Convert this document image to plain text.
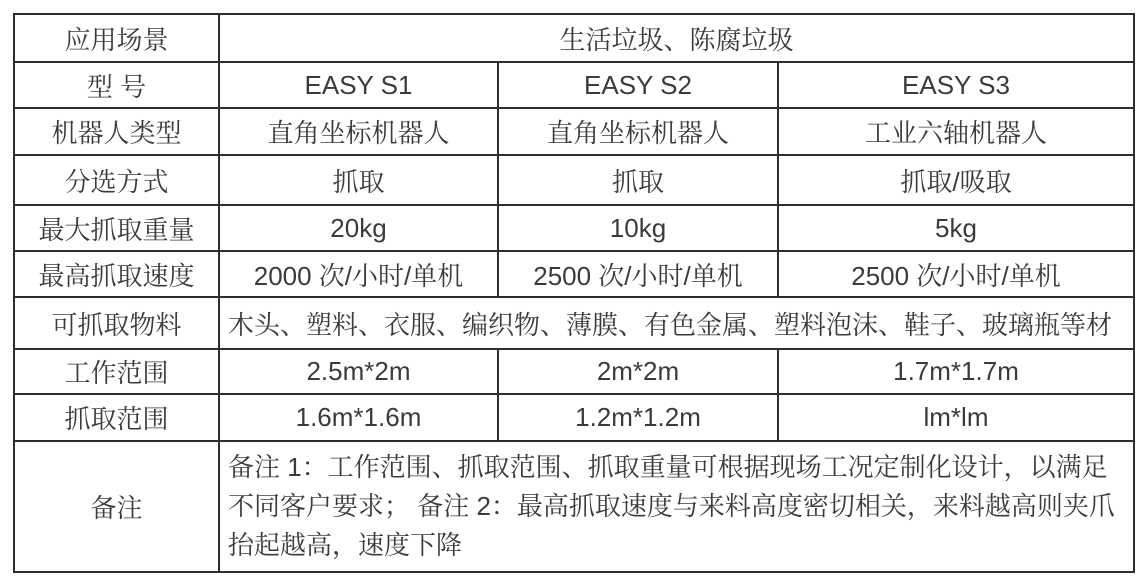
应用场景	生活垃圾、陈腐垃圾		
型 号	EASY S1	EASY S2	EASY S3
机器人类型	直角坐标机器人	直角坐标机器人	工业六轴机器人
分选方式	抓取	抓取	抓取/吸取
最大抓取重量	20kg	10kg	5kg
最高抓取速度	2000 次/小时/单机	2500 次/小时/单机	2500 次/小时/单机
可抓取物料	木头、塑料、衣服、编织物、薄膜、有色金属、塑料泡沫、鞋子、玻璃瓶等材		
工作范围	2.5m*2m	2m*2m	1.7m*1.7m
抓取范围	1.6m*1.6m	1.2m*1.2m	lm*lm
备注	备注 1：工作范围、抓取范围、抓取重量可根据现场工况定制化设计，以满足不同客户要求； 备注 2：最高抓取速度与来料高度密切相关，来料越高则夹爪抬起越高，速度下降		
